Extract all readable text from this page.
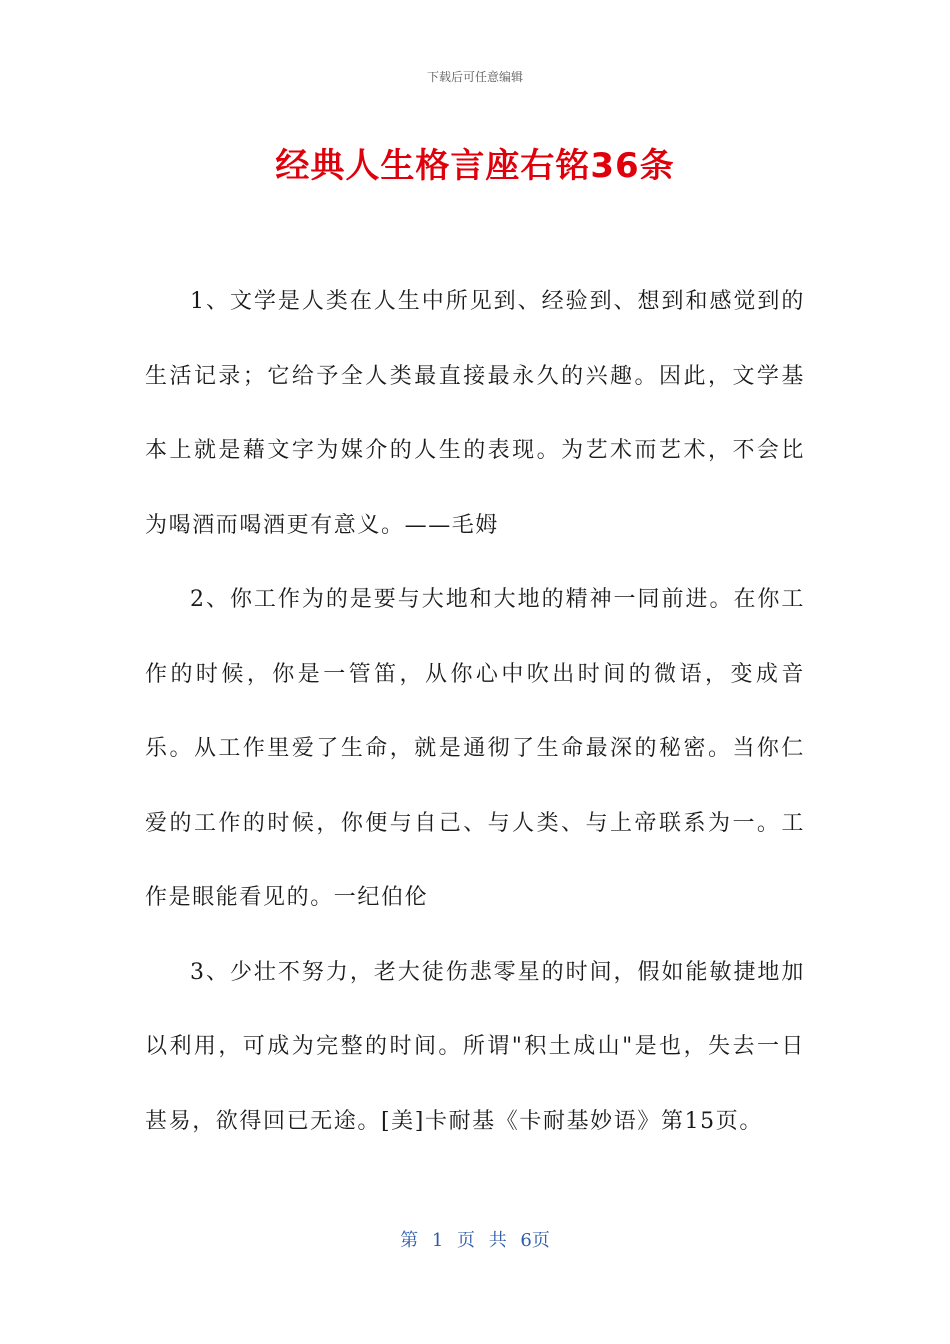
下载后可任意编辑
经典人生格言座右铭36条

1、文学是人类在人生中所见到、经验到、想到和感觉到的生活记录；它给予全人类最直接最永久的兴趣。因此，文学基本上就是藉文字为媒介的人生的表现。为艺术而艺术，不会比为喝酒而喝酒更有意义。——毛姆

2、你工作为的是要与大地和大地的精神一同前进。在你工作的时候，你是一管笛，从你心中吹出时间的微语，变成音乐。从工作里爱了生命，就是通彻了生命最深的秘密。当你仁爱的工作的时候，你便与自己、与人类、与上帝联系为一。工作是眼能看见的。一纪伯伦

3、少壮不努力，老大徒伤悲零星的时间，假如能敏捷地加以利用，可成为完整的时间。所谓"积土成山"是也，失去一日甚易，欲得回已无途。[美]卡耐基《卡耐基妙语》第15页。

第 1 页 共 6页
